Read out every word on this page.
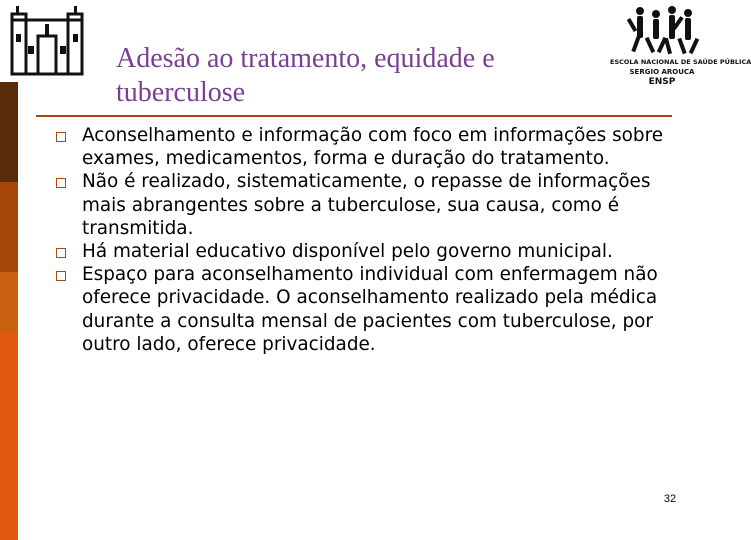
ESCOLA NACIONAL DE SAÚDE PÚBLICA
SERGIO AROUCA
ENSP
Adesão ao tratamento, equidade e tuberculose
Aconselhamento e informação com foco em informações sobre exames, medicamentos, forma e duração do tratamento.
Não é realizado, sistematicamente, o repasse de informações mais abrangentes sobre a tuberculose, sua causa, como é transmitida.
Há material educativo disponível pelo governo municipal.
Espaço para aconselhamento individual com enfermagem não oferece privacidade. O aconselhamento realizado pela médica durante a consulta mensal de pacientes com tuberculose, por outro lado, oferece privacidade.
32
